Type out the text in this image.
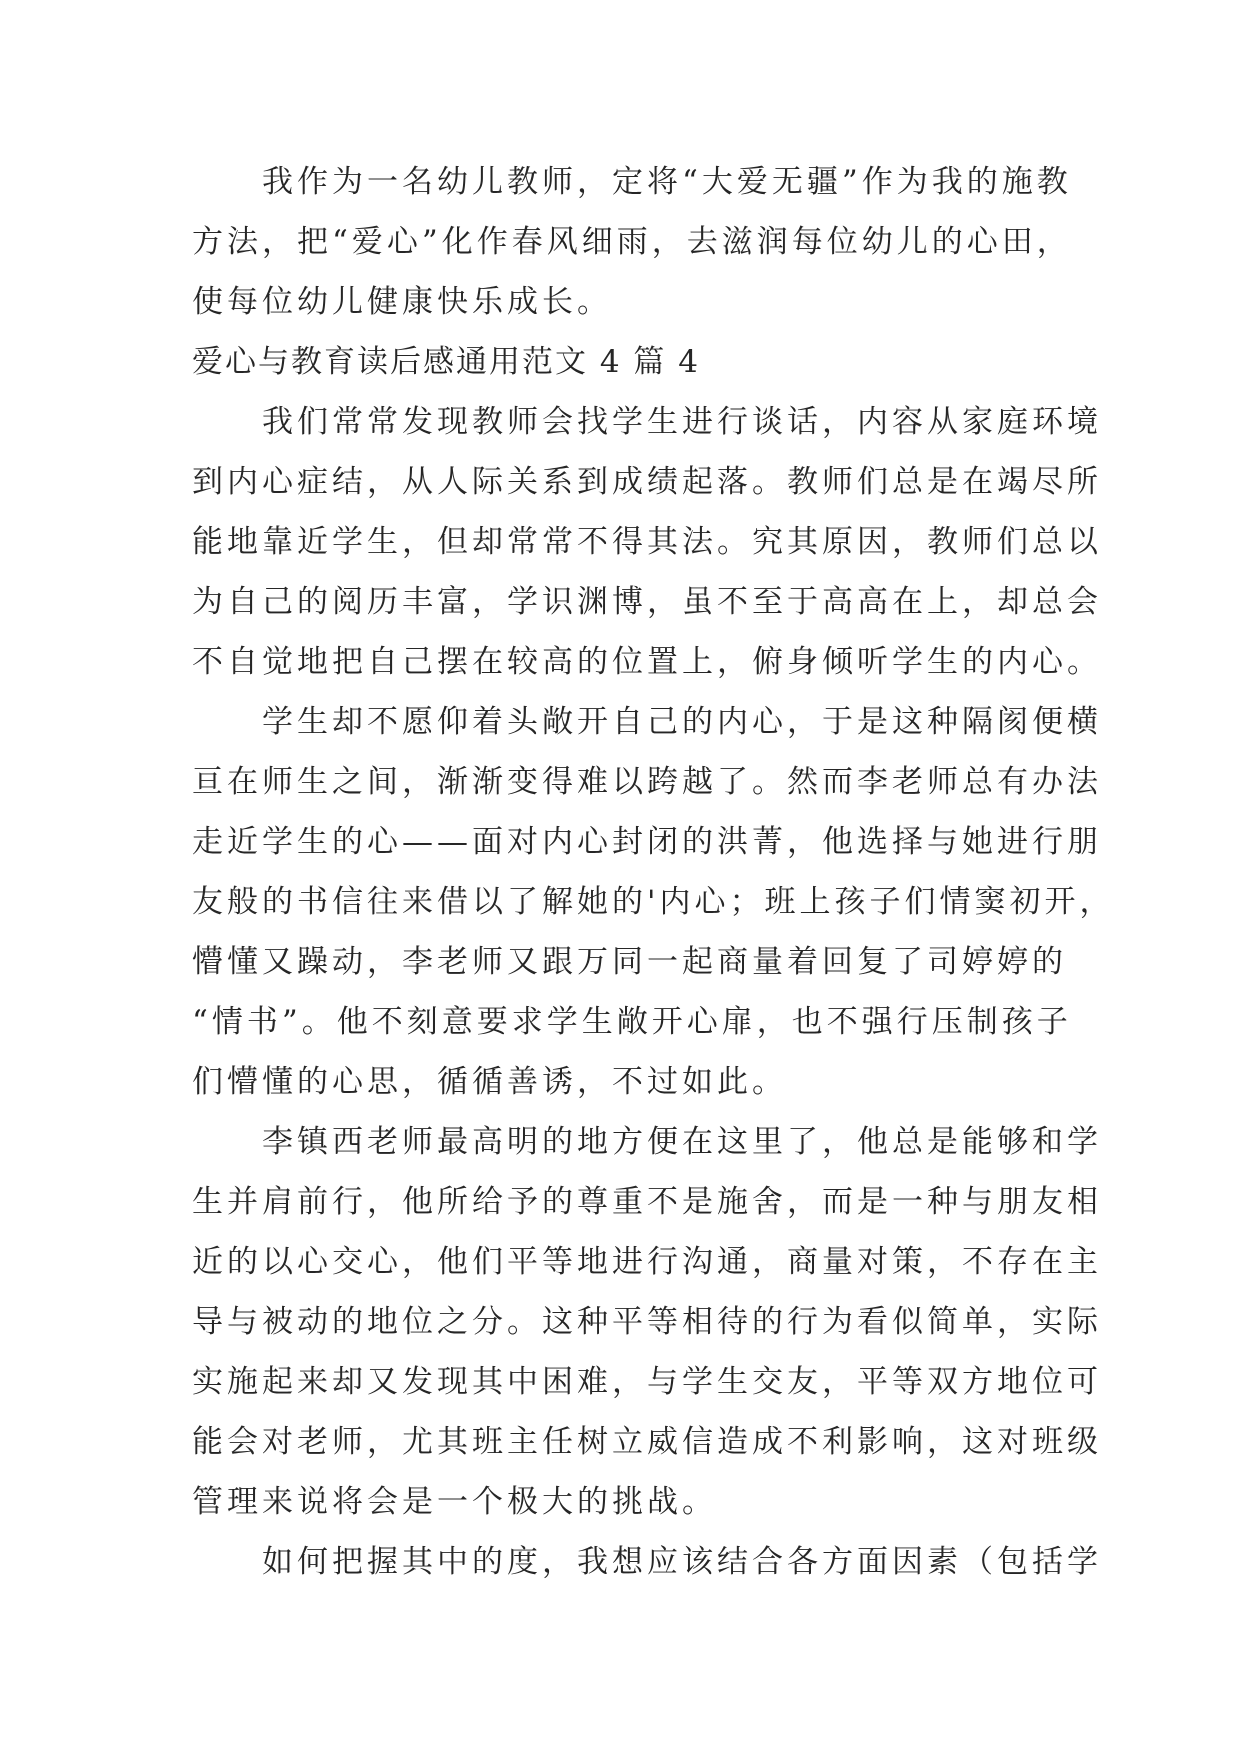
我作为一名幼儿教师，定将“大爱无疆”作为我的施教
方法，把“爱心”化作春风细雨，去滋润每位幼儿的心田，
使每位幼儿健康快乐成长。
爱心与教育读后感通用范文 4 篇 4
我们常常发现教师会找学生进行谈话，内容从家庭环境
到内心症结，从人际关系到成绩起落。教师们总是在竭尽所
能地靠近学生，但却常常不得其法。究其原因，教师们总以
为自己的阅历丰富，学识渊博，虽不至于高高在上，却总会
不自觉地把自己摆在较高的位置上，俯身倾听学生的内心。
学生却不愿仰着头敞开自己的内心，于是这种隔阂便横
亘在师生之间，渐渐变得难以跨越了。然而李老师总有办法
走近学生的心——面对内心封闭的洪菁，他选择与她进行朋
友般的书信往来借以了解她的'内心；班上孩子们情窦初开，
懵懂又躁动，李老师又跟万同一起商量着回复了司婷婷的
“情书”。他不刻意要求学生敞开心扉，也不强行压制孩子
们懵懂的心思，循循善诱，不过如此。
李镇西老师最高明的地方便在这里了，他总是能够和学
生并肩前行，他所给予的尊重不是施舍，而是一种与朋友相
近的以心交心，他们平等地进行沟通，商量对策，不存在主
导与被动的地位之分。这种平等相待的行为看似简单，实际
实施起来却又发现其中困难，与学生交友，平等双方地位可
能会对老师，尤其班主任树立威信造成不利影响，这对班级
管理来说将会是一个极大的挑战。
如何把握其中的度，我想应该结合各方面因素（包括学
